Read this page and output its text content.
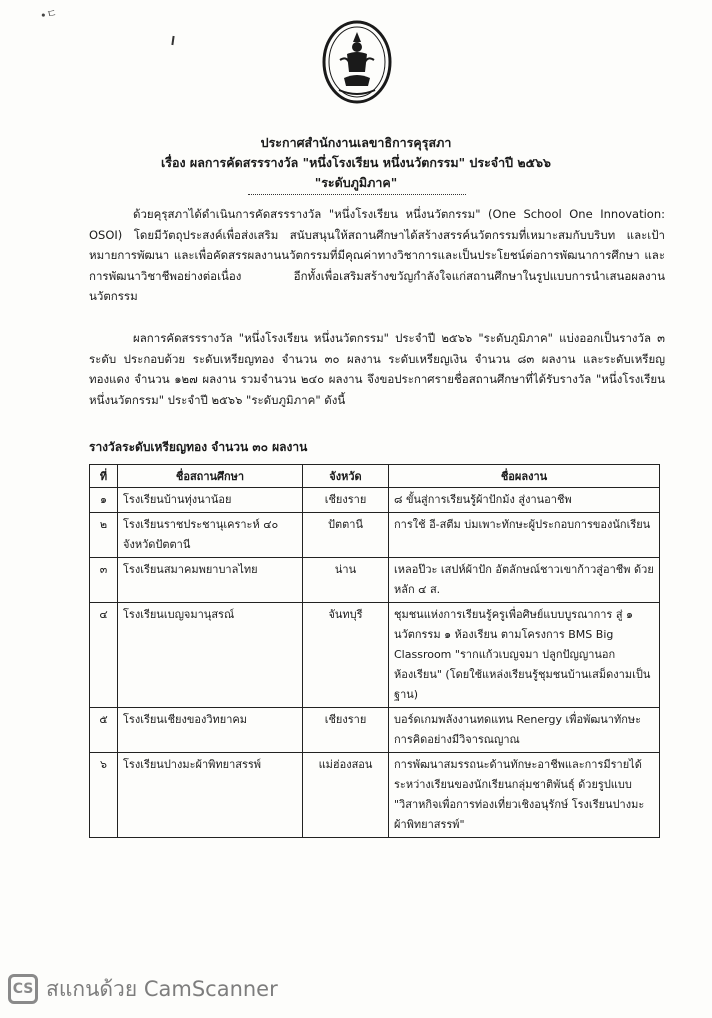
•ㄷ
ประกาศสำนักงานเลขาธิการคุรุสภา
เรื่อง ผลการคัดสรรรางวัล "หนึ่งโรงเรียน หนึ่งนวัตกรรม" ประจำปี ๒๕๖๖
"ระดับภูมิภาค"
ด้วยคุรุสภาได้ดำเนินการคัดสรรรางวัล "หนึ่งโรงเรียน หนึ่งนวัตกรรม" (One School One Innovation: OSOI) โดยมีวัตถุประสงค์เพื่อส่งเสริม สนับสนุนให้สถานศึกษาได้สร้างสรรค์นวัตกรรมที่เหมาะสมกับบริบท และเป้าหมายการพัฒนา และเพื่อคัดสรรผลงานนวัตกรรมที่มีคุณค่าทางวิชาการและเป็นประโยชน์ต่อการพัฒนาการศึกษา และการพัฒนาวิชาชีพอย่างต่อเนื่อง อีกทั้งเพื่อเสริมสร้างขวัญกำลังใจแก่สถานศึกษาในรูปแบบการนำเสนอผลงานนวัตกรรม
ผลการคัดสรรรางวัล "หนึ่งโรงเรียน หนึ่งนวัตกรรม" ประจำปี ๒๕๖๖ "ระดับภูมิภาค" แบ่งออกเป็นรางวัล ๓ ระดับ ประกอบด้วย ระดับเหรียญทอง จำนวน ๓๐ ผลงาน ระดับเหรียญเงิน จำนวน ๘๓ ผลงาน และระดับเหรียญทองแดง จำนวน ๑๒๗ ผลงาน รวมจำนวน ๒๔๐ ผลงาน จึงขอประกาศรายชื่อสถานศึกษาที่ได้รับรางวัล "หนึ่งโรงเรียน หนึ่งนวัตกรรม" ประจำปี ๒๕๖๖ "ระดับภูมิภาค" ดังนี้
รางวัลระดับเหรียญทอง จำนวน ๓๐ ผลงาน
ที่	ชื่อสถานศึกษา	จังหวัด	ชื่อผลงาน
๑	โรงเรียนบ้านทุ่งนาน้อย	เชียงราย	๘ ขั้นสู่การเรียนรู้ผ้าปักม้ง สู่งานอาชีพ
๒	โรงเรียนราชประชานุเคราะห์ ๔๐ จังหวัดปัตตานี	ปัตตานี	การใช้ อี-สตีม บ่มเพาะทักษะผู้ประกอบการของนักเรียน
๓	โรงเรียนสมาคมพยาบาลไทย	น่าน	เหลอป๊วะ เสปห์ผ้าปัก อัตลักษณ์ชาวเขาก้าวสู่อาชีพ ด้วยหลัก ๔ ส.
๔	โรงเรียนเบญจมานุสรณ์	จันทบุรี	ชุมชนแห่งการเรียนรู้ครูเพื่อศิษย์แบบบูรณาการ สู่ ๑ นวัตกรรม ๑ ห้องเรียน ตามโครงการ BMS Big Classroom "รากแก้วเบญจมา ปลูกปัญญานอกห้องเรียน" (โดยใช้แหล่งเรียนรู้ชุมชนบ้านเสม็ดงามเป็นฐาน)
๕	โรงเรียนเชียงของวิทยาคม	เชียงราย	บอร์ดเกมพลังงานทดแทน Renergy เพื่อพัฒนาทักษะการคิดอย่างมีวิจารณญาณ
๖	โรงเรียนปางมะผ้าพิทยาสรรพ์	แม่ฮ่องสอน	การพัฒนาสมรรถนะด้านทักษะอาชีพและการมีรายได้ระหว่างเรียนของนักเรียนกลุ่มชาติพันธุ์ ด้วยรูปแบบ "วิสาหกิจเพื่อการท่องเที่ยวเชิงอนุรักษ์ โรงเรียนปางมะผ้าพิทยาสรรพ์"
CS สแกนด้วย CamScanner
